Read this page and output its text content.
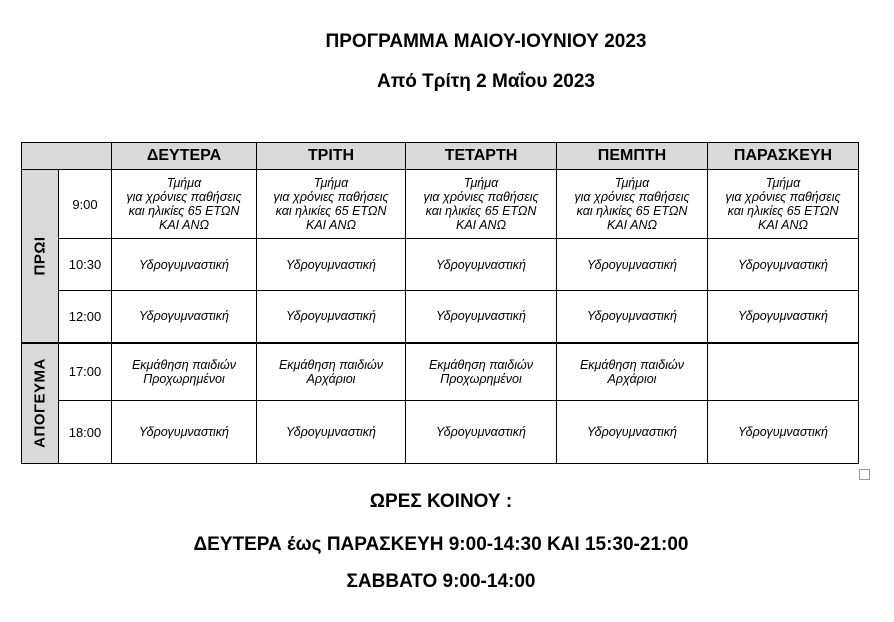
ΠΡΟΓΡΑΜΜΑ ΜΑΙΟΥ-ΙΟΥΝΙΟΥ 2023
Από Τρίτη 2 Μαΐου 2023
		ΔΕΥΤΕΡΑ	ΤΡΙΤΗ	ΤΕΤΑΡΤΗ	ΠΕΜΠΤΗ	ΠΑΡΑΣΚΕΥΗ

ΠΡΩΙ	9:00	Τμήμα
για χρόνιες παθήσεις
και ηλικίες 65 ΕΤΩΝ
ΚΑΙ ΑΝΩ	Τμήμα
για χρόνιες παθήσεις
και ηλικίες 65 ΕΤΩΝ
ΚΑΙ ΑΝΩ	Τμήμα
για χρόνιες παθήσεις
και ηλικίες 65 ΕΤΩΝ
ΚΑΙ ΑΝΩ	Τμήμα
για χρόνιες παθήσεις
και ηλικίες 65 ΕΤΩΝ
ΚΑΙ ΑΝΩ	Τμήμα
για χρόνιες παθήσεις
και ηλικίες 65 ΕΤΩΝ
ΚΑΙ ΑΝΩ

	10:30	Υδρογυμναστική	Υδρογυμναστική	Υδρογυμναστική	Υδρογυμναστική	Υδρογυμναστική

	12:00	Υδρογυμναστική	Υδρογυμναστική	Υδρογυμναστική	Υδρογυμναστική	Υδρογυμναστική

ΑΠΟΓΕΥΜΑ	17:00	Εκμάθηση παιδιών
Προχωρημένοι	Εκμάθηση παιδιών
Αρχάριοι	Εκμάθηση παιδιών
Προχωρημένοι	Εκμάθηση παιδιών
Αρχάριοι	

	18:00	Υδρογυμναστική	Υδρογυμναστική	Υδρογυμναστική	Υδρογυμναστική	Υδρογυμναστική
ΩΡΕΣ ΚΟΙΝΟΥ :
ΔΕΥΤΕΡΑ έως ΠΑΡΑΣΚΕΥΗ 9:00-14:30 ΚΑΙ 15:30-21:00
ΣΑΒΒΑΤΟ 9:00-14:00
